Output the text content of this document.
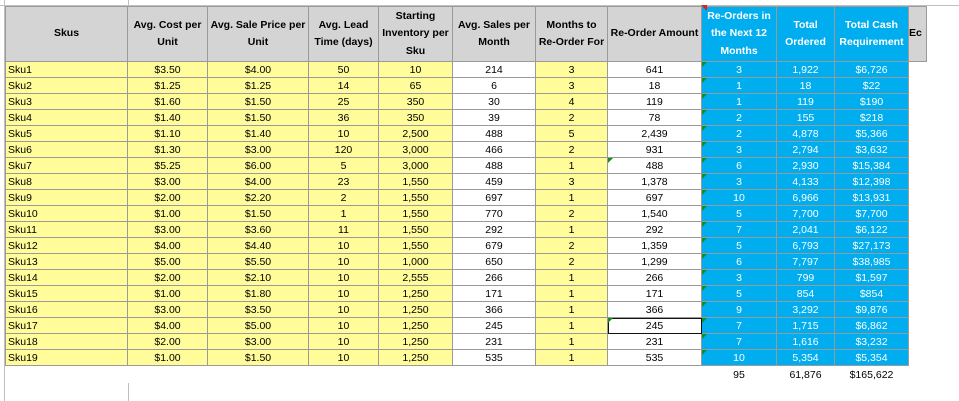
Skus	Avg. Cost per Unit	Avg. Sale Price per Unit	Avg. Lead Time (days)	Starting Inventory per Sku	Avg. Sales per Month	Months to Re-Order For	Re-Order Amount	Re-Orders in the Next 12 Months	Total Ordered	Total Cash Requirement	Ec
Sku1	$3.50	$4.00	50	10	214	3	641	3	1,922	$6,726	
Sku2	$1.25	$1.25	14	65	6	3	18	1	18	$22	
Sku3	$1.60	$1.50	25	350	30	4	119	1	119	$190	
Sku4	$1.40	$1.50	36	350	39	2	78	2	155	$218	
Sku5	$1.10	$1.40	10	2,500	488	5	2,439	2	4,878	$5,366	
Sku6	$1.30	$3.00	120	3,000	466	2	931	3	2,794	$3,632	
Sku7	$5.25	$6.00	5	3,000	488	1	488	6	2,930	$15,384	
Sku8	$3.00	$4.00	23	1,550	459	3	1,378	3	4,133	$12,398	
Sku9	$2.00	$2.20	2	1,550	697	1	697	10	6,966	$13,931	
Sku10	$1.00	$1.50	1	1,550	770	2	1,540	5	7,700	$7,700	
Sku11	$3.00	$3.60	11	1,550	292	1	292	7	2,041	$6,122	
Sku12	$4.00	$4.40	10	1,550	679	2	1,359	5	6,793	$27,173	
Sku13	$5.00	$5.50	10	1,000	650	2	1,299	6	7,797	$38,985	
Sku14	$2.00	$2.10	10	2,555	266	1	266	3	799	$1,597	
Sku15	$1.00	$1.80	10	1,250	171	1	171	5	854	$854	
Sku16	$3.00	$3.50	10	1,250	366	1	366	9	3,292	$9,876	
Sku17	$4.00	$5.00	10	1,250	245	1	245	7	1,715	$6,862	
Sku18	$2.00	$3.00	10	1,250	231	1	231	7	1,616	$3,232	
Sku19	$1.00	$1.50	10	1,250	535	1	535	10	5,354	$5,354	
								95	61,876	$165,622	
